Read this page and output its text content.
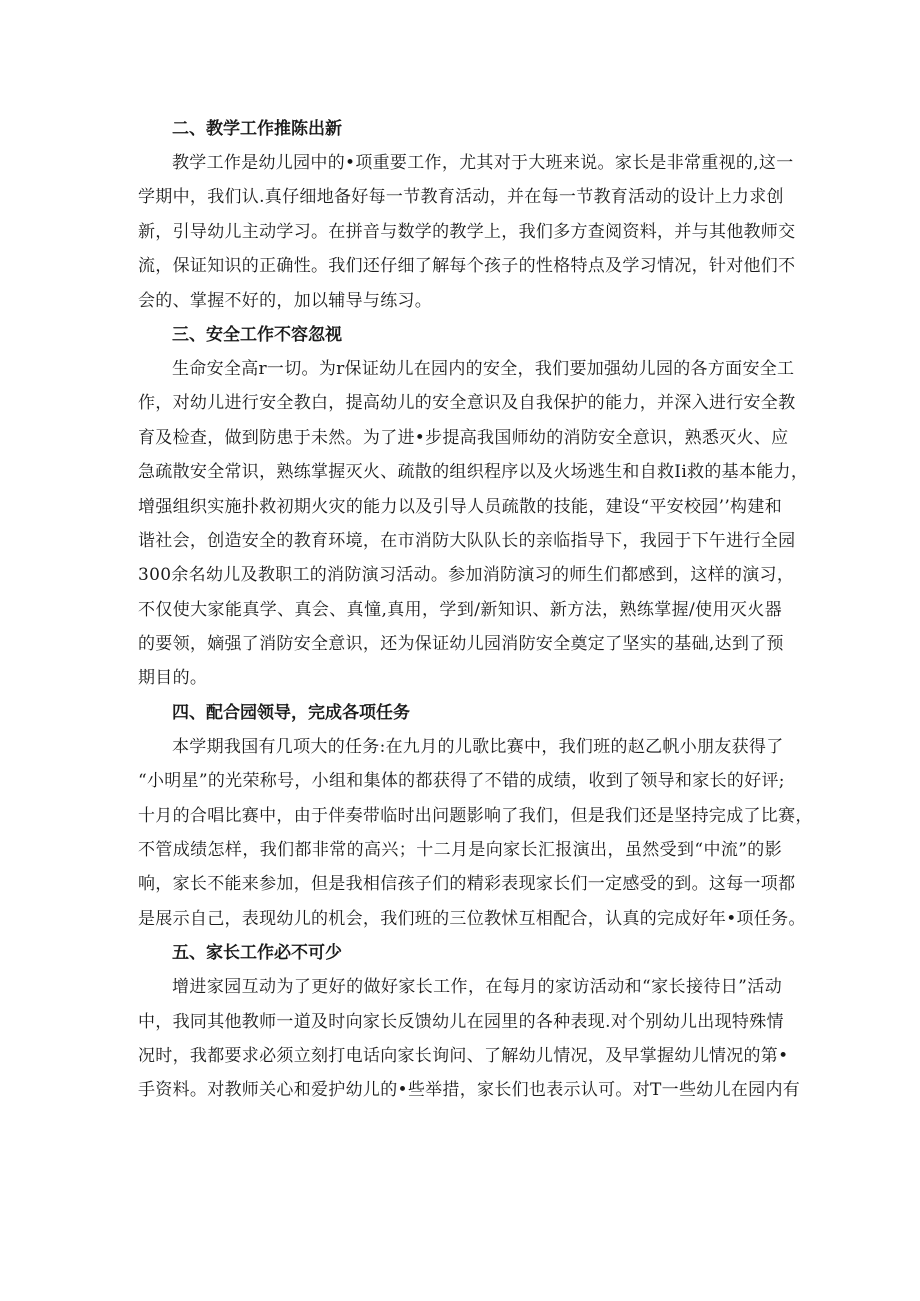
二、教学工作推陈出新
教学工作是幼儿园中的•项重要工作，尤其对于大班来说。家长是非常重视的,这一
学期中，我们认.真仔细地备好每一节教育活动，并在每一节教育活动的设计上力求创
新，引导幼儿主动学习。在拼音与数学的教学上，我们多方查阅资料，并与其他教师交
流，保证知识的正确性。我们还仔细了解每个孩子的性格特点及学习情况，针对他们不
会的、掌握不好的，加以辅导与练习。
三、安全工作不容忽视
生命安全高r一切。为r保证幼儿在园内的安全，我们要加强幼儿园的各方面安全工
作，对幼儿进行安全教白，提高幼儿的安全意识及自我保护的能力，并深入进行安全教
育及检查，做到防患于未然。为了进•步提高我国师幼的消防安全意识，熟悉灭火、应
急疏散安全常识，熟练掌握灭火、疏散的组织程序以及火场逃生和自救Ii救的基本能力，
增强组织实施扑救初期火灾的能力以及引导人员疏散的技能，建设“平安校园’’构建和
谐社会，创造安全的教育环境，在市消防大队队长的亲临指导下，我园于下午进行全园
300余名幼儿及教职工的消防演习活动。参加消防演习的师生们都感到，这样的演习，
不仅使大家能真学、真会、真憧,真用，学到/新知识、新方法，熟练掌握/使用灭火器
的要领，嫡强了消防安全意识，还为保证幼儿园消防安全奠定了坚实的基础,达到了预
期目的。
四、配合园领导，完成各项任务
本学期我国有几项大的任务:在九月的儿歌比赛中，我们班的赵乙帆小朋友获得了
“小明星”的光荣称号，小组和集体的都获得了不错的成绩，收到了领导和家长的好评;
十月的合唱比赛中，由于伴奏带临时出问题影响了我们，但是我们还是坚持完成了比赛，
不管成绩怎样，我们都非常的高兴；十二月是向家长汇报演出，虽然受到“中流”的影
响，家长不能来参加，但是我相信孩子们的精彩表现家长们一定感受的到。这每一项都
是展示自己，表现幼儿的机会，我们班的三位教怵互相配合，认真的完成好年•项任务。
五、家长工作必不可少
增进家园互动为了更好的做好家长工作，在每月的家访活动和“家长接待日”活动
中，我同其他教师一道及时向家长反馈幼儿在园里的各种表现.对个别幼儿出现特殊情
况时，我都要求必须立刻打电话向家长询问、了解幼儿情况，及早掌握幼儿情况的第•
手资料。对教师关心和爱护幼儿的•些举措，家长们也表示认可。对T一些幼儿在园内有
